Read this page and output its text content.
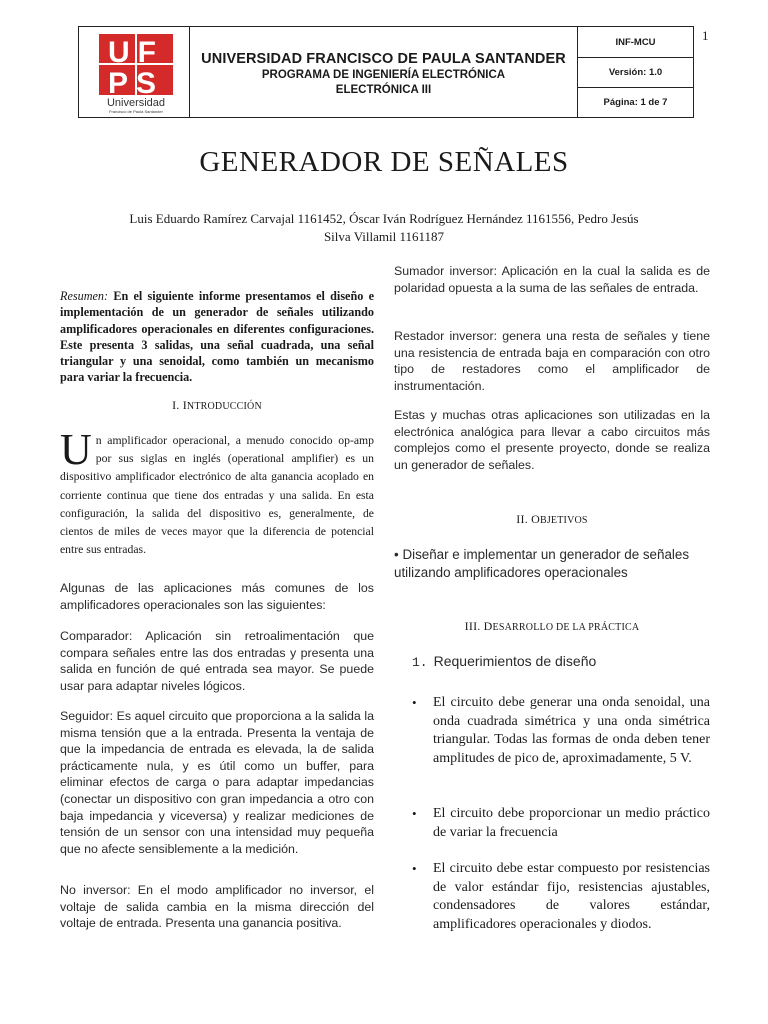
1
UF
PS
Universidad
Francisco de Paula Santander
UNIVERSIDAD FRANCISCO DE PAULA SANTANDER
PROGRAMA DE INGENIERÍA ELECTRÓNICA
ELECTRÓNICA III
INF-MCU
Versión: 1.0
Página: 1 de 7
GENERADOR DE SEÑALES
Luis Eduardo Ramírez Carvajal 1161452, Óscar Iván Rodríguez Hernández 1161556, Pedro Jesús
Silva Villamil 1161187
Resumen: En el siguiente informe presentamos el diseño e implementación de un generador de señales utilizando amplificadores operacionales en diferentes configuraciones. Este presenta 3 salidas, una señal cuadrada, una señal triangular y una senoidal, como también un mecanismo para variar la frecuencia.
I. INTRODUCCIÓN
Un amplificador operacional, a menudo conocido op-amp por sus siglas en inglés (operational amplifier) es un dispositivo amplificador electrónico de alta ganancia acoplado en corriente continua que tiene dos entradas y una salida. En esta configuración, la salida del dispositivo es, generalmente, de cientos de miles de veces mayor que la diferencia de potencial entre sus entradas.
Algunas de las aplicaciones más comunes de los amplificadores operacionales son las siguientes:
Comparador: Aplicación sin retroalimentación que compara señales entre las dos entradas y presenta una salida en función de qué entrada sea mayor. Se puede usar para adaptar niveles lógicos.
Seguidor: Es aquel circuito que proporciona a la salida la misma tensión que a la entrada. Presenta la ventaja de que la impedancia de entrada es elevada, la de salida prácticamente nula, y es útil como un buffer, para eliminar efectos de carga o para adaptar impedancias (conectar un dispositivo con gran impedancia a otro con baja impedancia y viceversa) y realizar mediciones de tensión de un sensor con una intensidad muy pequeña que no afecte sensiblemente a la medición.
No inversor: En el modo amplificador no inversor, el voltaje de salida cambia en la misma dirección del voltaje de entrada. Presenta una ganancia positiva.
Sumador inversor: Aplicación en la cual la salida es de polaridad opuesta a la suma de las señales de entrada.
Restador inversor: genera una resta de señales y tiene una resistencia de entrada baja en comparación con otro tipo de restadores como el amplificador de instrumentación.
Estas y muchas otras aplicaciones son utilizadas en la electrónica analógica para llevar a cabo circuitos más complejos como el presente proyecto, donde se realiza un generador de señales.
II. OBJETIVOS
• Diseñar e implementar un generador de señales utilizando amplificadores operacionales
III. DESARROLLO DE LA PRÁCTICA
1. Requerimientos de diseño
• El circuito debe generar una onda senoidal, una onda cuadrada simétrica y una onda simétrica triangular. Todas las formas de onda deben tener amplitudes de pico de, aproximadamente, 5 V.
• El circuito debe proporcionar un medio práctico de variar la frecuencia
• El circuito debe estar compuesto por resistencias de valor estándar fijo, resistencias ajustables, condensadores de valores estándar, amplificadores operacionales y diodos.
